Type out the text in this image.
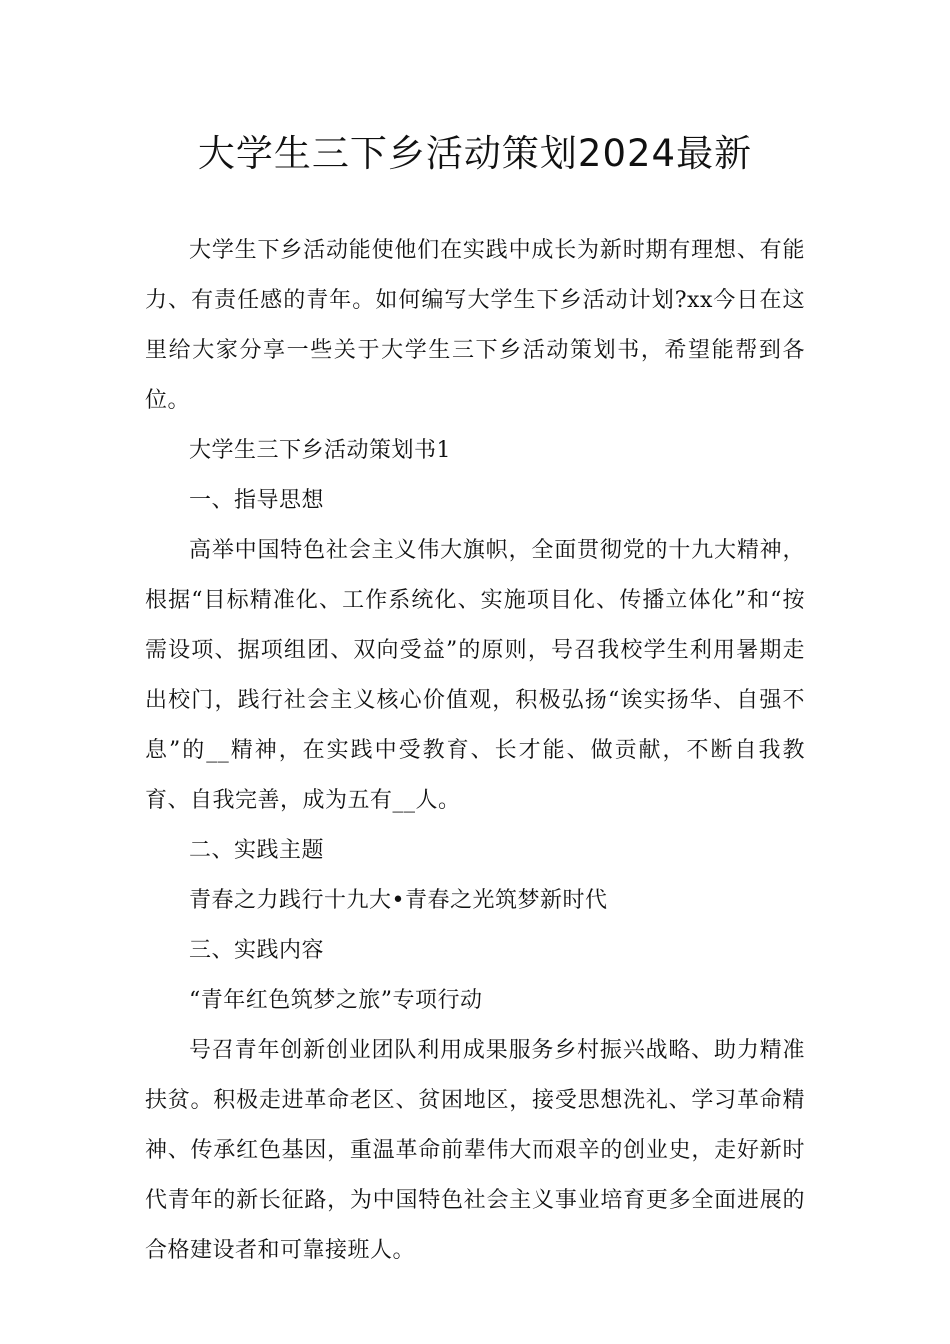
大学生三下乡活动策划2024最新

大学生下乡活动能使他们在实践中成长为新时期有理想、有能力、有责任感的青年。如何编写大学生下乡活动计划?xx今日在这里给大家分享一些关于大学生三下乡活动策划书，希望能帮到各位。

大学生三下乡活动策划书1

一、指导思想

高举中国特色社会主义伟大旗帜，全面贯彻党的十九大精神，根据“目标精准化、工作系统化、实施项目化、传播立体化”和“按需设项、据项组团、双向受益”的原则，号召我校学生利用暑期走出校门，践行社会主义核心价值观，积极弘扬“诶实扬华、自强不息”的__精神，在实践中受教育、长才能、做贡献，不断自我教育、自我完善，成为五有__人。

二、实践主题

青春之力践行十九大•青春之光筑梦新时代

三、实践内容

“青年红色筑梦之旅”专项行动

号召青年创新创业团队利用成果服务乡村振兴战略、助力精准扶贫。积极走进革命老区、贫困地区，接受思想洗礼、学习革命精神、传承红色基因，重温革命前辈伟大而艰辛的创业史，走好新时代青年的新长征路，为中国特色社会主义事业培育更多全面进展的合格建设者和可靠接班人。
